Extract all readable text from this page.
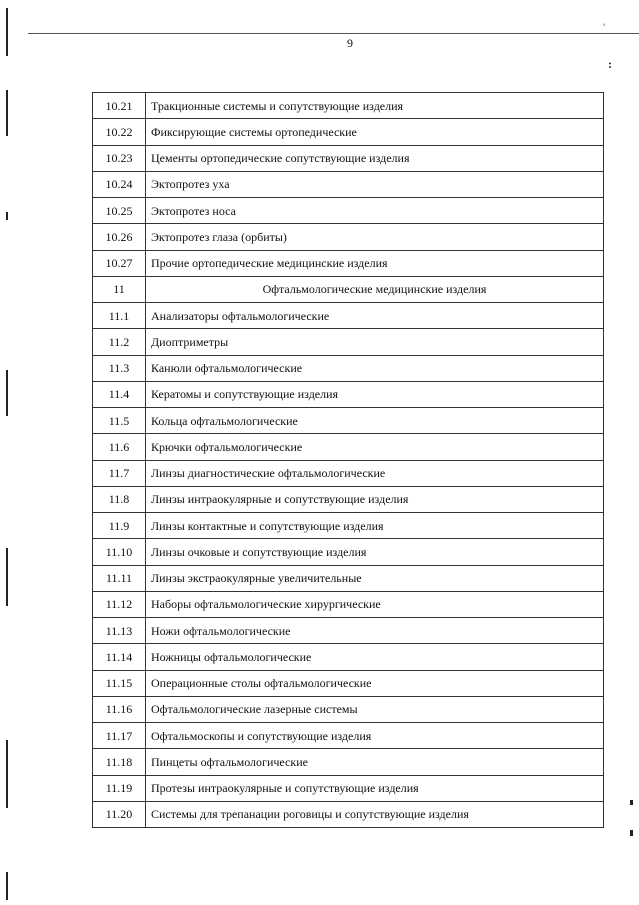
9
ʾ
:
10.21	Тракционные системы и сопутствующие изделия
10.22	Фиксирующие системы ортопедические
10.23	Цементы ортопедические сопутствующие изделия
10.24	Эктопротез уха
10.25	Эктопротез носа
10.26	Эктопротез глаза (орбиты)
10.27	Прочие ортопедические медицинские изделия
11	Офтальмологические медицинские изделия
11.1	Анализаторы офтальмологические
11.2	Диоптриметры
11.3	Канюли офтальмологические
11.4	Кератомы и сопутствующие изделия
11.5	Кольца офтальмологические
11.6	Крючки офтальмологические
11.7	Линзы диагностические офтальмологические
11.8	Линзы интраокулярные и сопутствующие изделия
11.9	Линзы контактные и сопутствующие изделия
11.10	Линзы очковые и сопутствующие изделия
11.11	Линзы экстраокулярные увеличительные
11.12	Наборы офтальмологические хирургические
11.13	Ножи офтальмологические
11.14	Ножницы офтальмологические
11.15	Операционные столы офтальмологические
11.16	Офтальмологические лазерные системы
11.17	Офтальмоскопы и сопутствующие изделия
11.18	Пинцеты офтальмологические
11.19	Протезы интраокулярные и сопутствующие изделия
11.20	Системы для трепанации роговицы и сопутствующие изделия
